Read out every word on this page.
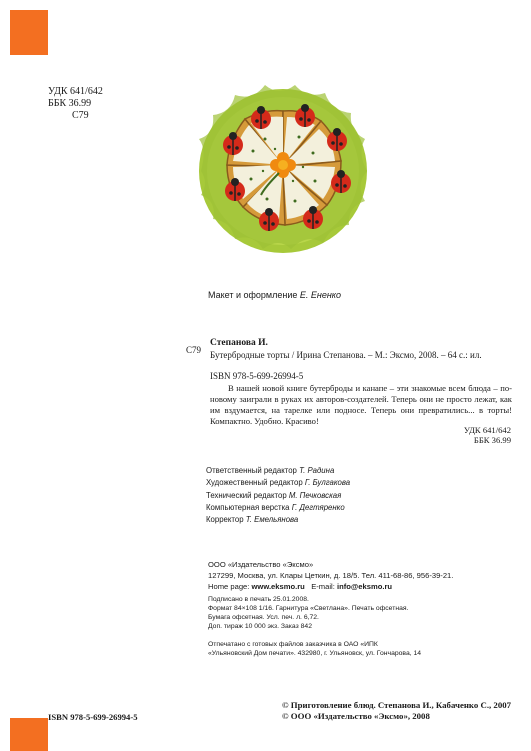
УДК 641/642
ББК 36.99
С79
Макет и оформление Е. Ененко
Степанова И.
С79 Бутербродные торты / Ирина Степанова. – М.: Эксмо, 2008. – 64 с.: ил.
ISBN 978-5-699-26994-5
В нашей новой книге бутерброды и канапе – эти знакомые всем блюда – по-новому заиграли в руках их авторов-создателей. Теперь они не просто лежат, как им вздумается, на тарелке или подносе. Теперь они превратились... в торты! Компактно. Удобно. Красиво!
УДК 641/642
ББК 36.99
Ответственный редактор Т. Радина
Художественный редактор Г. Булгакова
Технический редактор М. Печковская
Компьютерная верстка Г. Дегтяренко
Корректор Т. Емельянова
ООО «Издательство «Эксмо»
127299, Москва, ул. Клары Цеткин, д. 18/5. Тел. 411-68-86, 956-39-21.
Home page: www.eksmo.ru E-mail: info@eksmo.ru
Подписано в печать 25.01.2008.
Формат 84×108 1/16. Гарнитура «Светлана». Печать офсетная.
Бумага офсетная. Усл. печ. л. 6,72.
Доп. тираж 10 000 экз. Заказ 842
Отпечатано с готовых файлов заказчика в ОАО «ИПК
«Ульяновский Дом печати». 432980, г. Ульяновск, ул. Гончарова, 14
© Приготовление блюд. Степанова И., Кабаченко С., 2007
© ООО «Издательство «Эксмо», 2008
ISBN 978-5-699-26994-5
